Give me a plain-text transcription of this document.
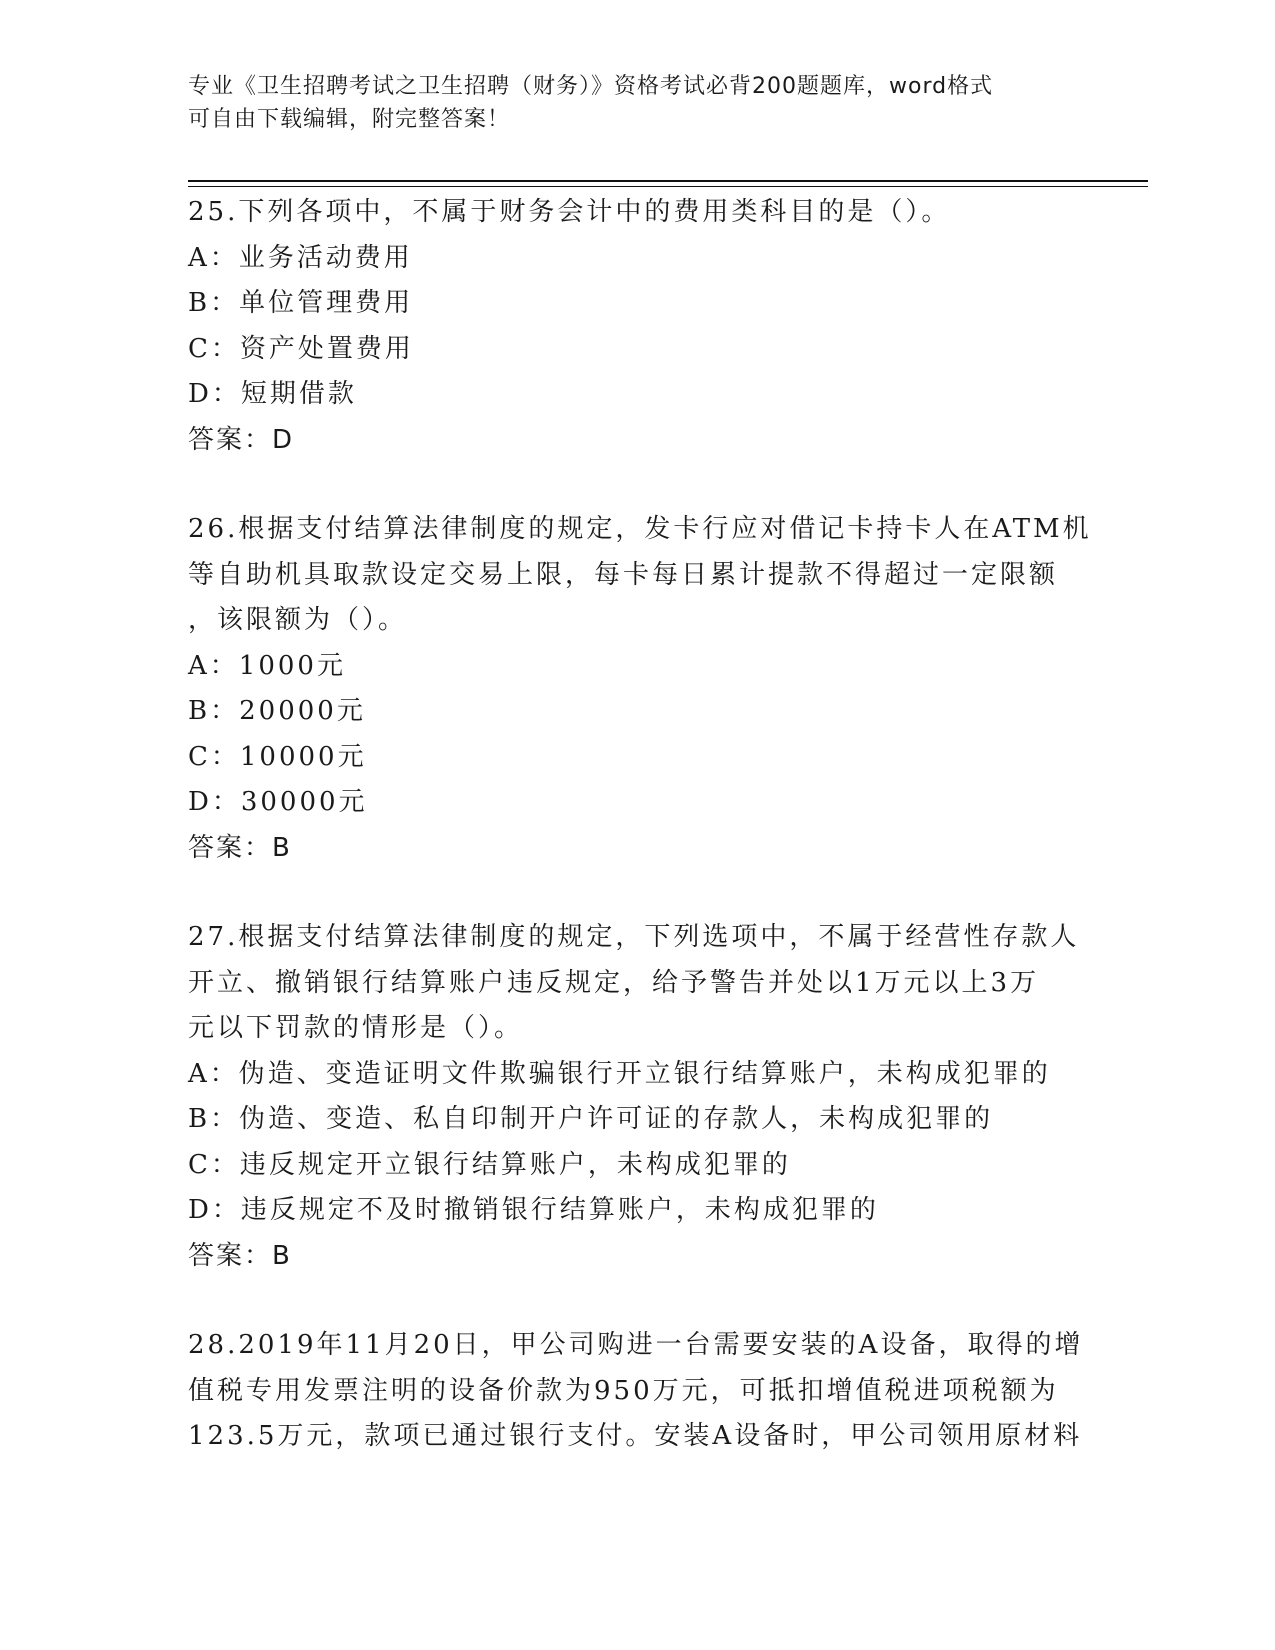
专业《卫生招聘考试之卫生招聘（财务）》资格考试必背200题题库，word格式
可自由下载编辑，附完整答案！
25.下列各项中，不属于财务会计中的费用类科目的是（）。
A：业务活动费用
B：单位管理费用
C：资产处置费用
D：短期借款
答案：D
26.根据支付结算法律制度的规定，发卡行应对借记卡持卡人在ATM机
等自助机具取款设定交易上限，每卡每日累计提款不得超过一定限额
，该限额为（）。
A：1000元
B：20000元
C：10000元
D：30000元
答案：B
27.根据支付结算法律制度的规定，下列选项中，不属于经营性存款人
开立、撤销银行结算账户违反规定，给予警告并处以1万元以上3万
元以下罚款的情形是（）。
A：伪造、变造证明文件欺骗银行开立银行结算账户，未构成犯罪的
B：伪造、变造、私自印制开户许可证的存款人，未构成犯罪的
C：违反规定开立银行结算账户，未构成犯罪的
D：违反规定不及时撤销银行结算账户，未构成犯罪的
答案：B
28.2019年11月20日，甲公司购进一台需要安装的A设备，取得的增
值税专用发票注明的设备价款为950万元，可抵扣增值税进项税额为
123.5万元，款项已通过银行支付。安装A设备时，甲公司领用原材料
